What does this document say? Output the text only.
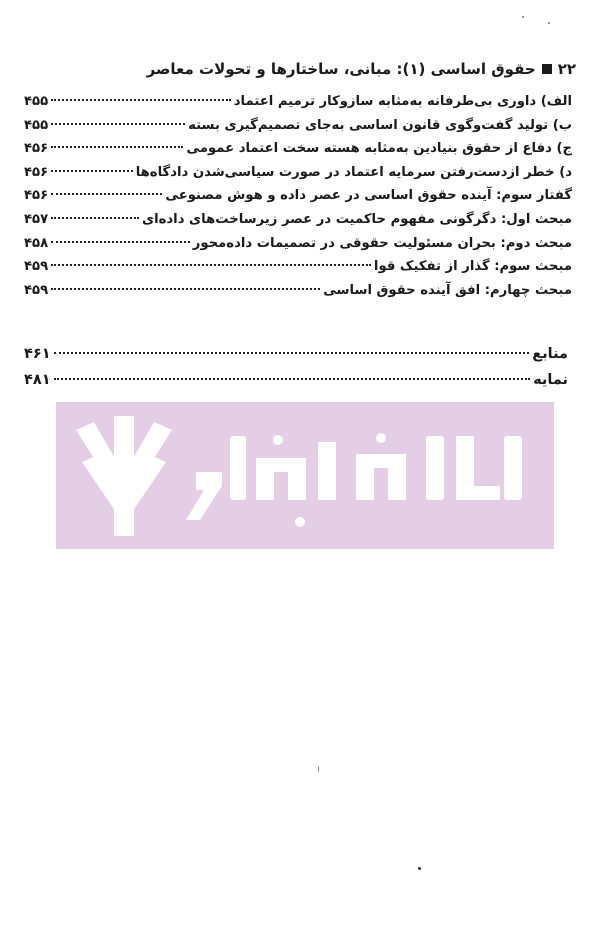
۲۲
حقوق اساسی (۱): مبانی، ساختارها و تحولات معاصر
الف) داوری بی‌طرفانه به‌مثابه سازوکار ترمیم اعتماد
۴۵۵
ب) تولید گفت‌وگوی قانون اساسی به‌جای تصمیم‌گیری بسته
۴۵۵
ج) دفاع از حقوق بنیادین به‌مثابه هسته سخت اعتماد عمومی
۴۵۶
د) خطر ازدست‌رفتن سرمایه اعتماد در صورت سیاسی‌شدن دادگاه‌ها
۴۵۶
گفتار سوم: آینده حقوق اساسی در عصر داده و هوش مصنوعی
۴۵۶
مبحث اول: دگرگونی مفهوم حاکمیت در عصر زیرساخت‌های داده‌ای
۴۵۷
مبحث دوم: بحران مسئولیت حقوقی در تصمیمات داده‌محور
۴۵۸
مبحث سوم: گذار از تفکیک قوا
۴۵۹
مبحث چهارم: افق آینده حقوق اساسی
۴۵۹
منابع
۴۶۱
نمایه
۴۸۱
